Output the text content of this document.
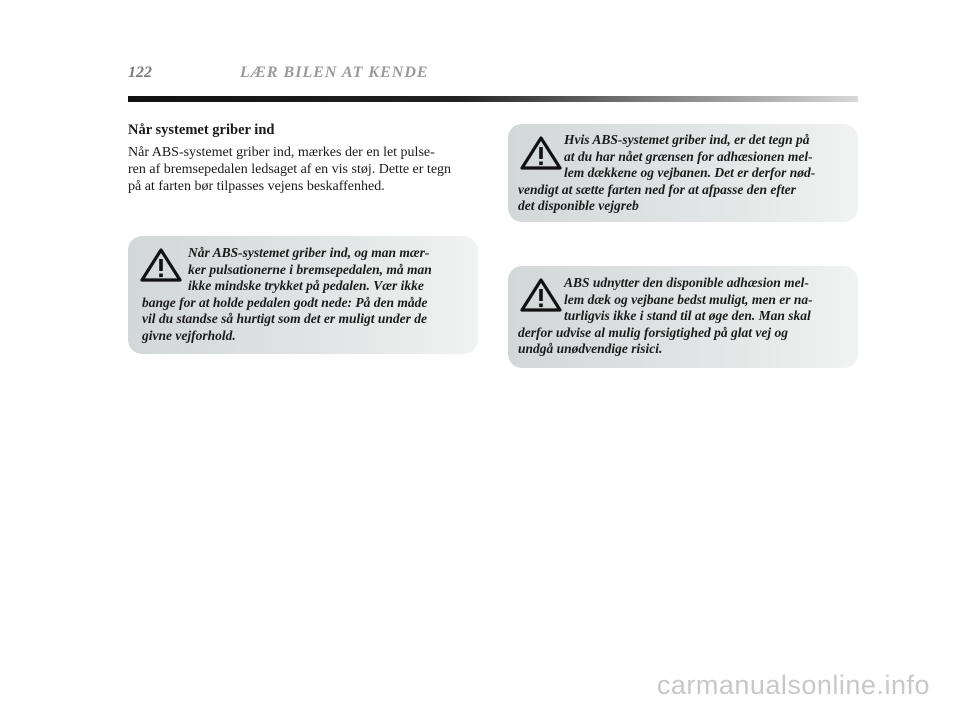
122	LÆR BILEN AT KENDE
Når systemet griber ind

Når ABS-systemet griber ind, mærkes der en let pulse-
ren af bremsepedalen ledsaget af en vis støj. Dette er tegn
på at farten bør tilpasses vejens beskaffenhed.

Når ABS-systemet griber ind, og man mær-
ker pulsationerne i bremsepedalen, må man
ikke mindske trykket på pedalen. Vær ikke
bange for at holde pedalen godt nede: På den måde
vil du standse så hurtigt som det er muligt under de
givne vejforhold.

Hvis ABS-systemet griber ind, er det tegn på
at du har nået grænsen for adhæsionen mel-
lem dækkene og vejbanen. Det er derfor nød-
vendigt at sætte farten ned for at afpasse den efter
det disponible vejgreb

ABS udnytter den disponible adhæsion mel-
lem dæk og vejbane bedst muligt, men er na-
turligvis ikke i stand til at øge den. Man skal
derfor udvise al mulig forsigtighed på glat vej og
undgå unødvendige risici.

carmanualsonline.info
